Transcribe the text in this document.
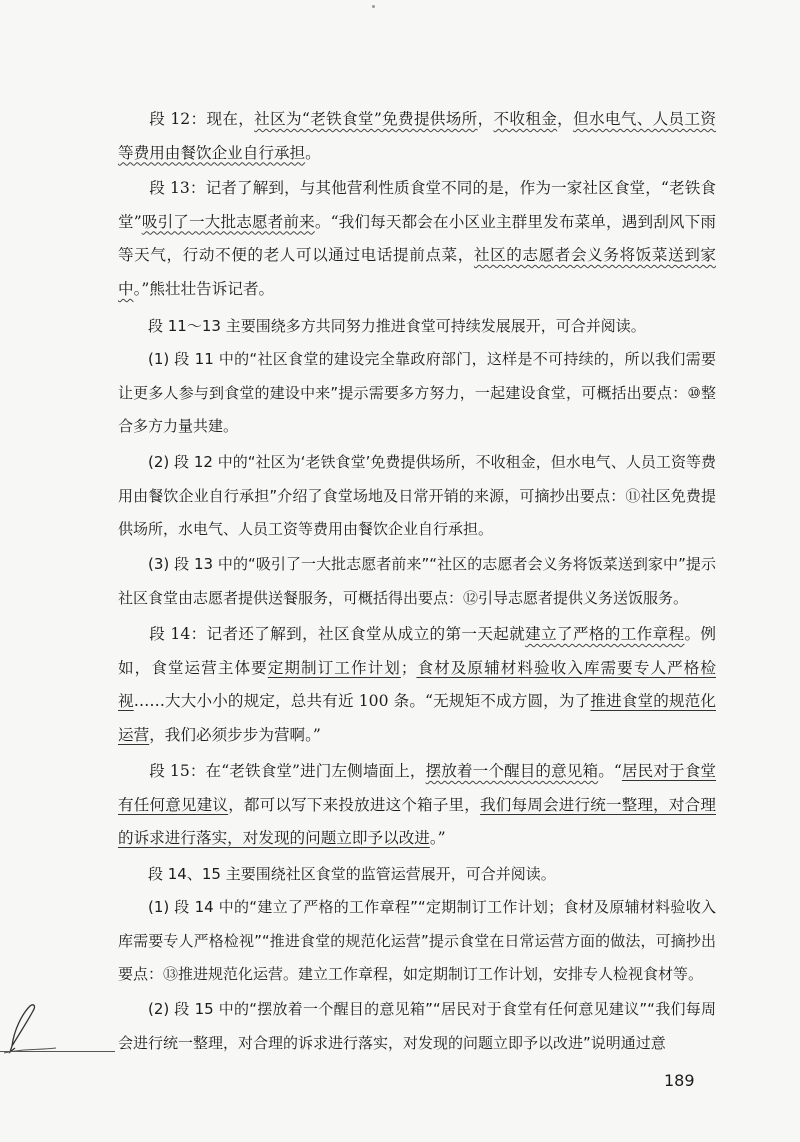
段 12：现在，社区为“老铁食堂”免费提供场所，不收租金，但水电气、人员工资等费用由餐饮企业自行承担。

段 13：记者了解到，与其他营利性质食堂不同的是，作为一家社区食堂，“老铁食堂”吸引了一大批志愿者前来。“我们每天都会在小区业主群里发布菜单，遇到刮风下雨等天气，行动不便的老人可以通过电话提前点菜，社区的志愿者会义务将饭菜送到家中。”熊壮壮告诉记者。

段 11～13 主要围绕多方共同努力推进食堂可持续发展展开，可合并阅读。

(1) 段 11 中的“社区食堂的建设完全靠政府部门，这样是不可持续的，所以我们需要让更多人参与到食堂的建设中来”提示需要多方努力，一起建设食堂，可概括出要点：⑩整合多方力量共建。

(2) 段 12 中的“社区为‘老铁食堂’免费提供场所，不收租金，但水电气、人员工资等费用由餐饮企业自行承担”介绍了食堂场地及日常开销的来源，可摘抄出要点：⑪社区免费提供场所，水电气、人员工资等费用由餐饮企业自行承担。

(3) 段 13 中的“吸引了一大批志愿者前来”“社区的志愿者会义务将饭菜送到家中”提示社区食堂由志愿者提供送餐服务，可概括得出要点：⑫引导志愿者提供义务送饭服务。

段 14：记者还了解到，社区食堂从成立的第一天起就建立了严格的工作章程。例如，食堂运营主体要定期制订工作计划；食材及原辅材料验收入库需要专人严格检视……大大小小的规定，总共有近 100 条。“无规矩不成方圆，为了推进食堂的规范化运营，我们必须步步为营啊。”

段 15：在“老铁食堂”进门左侧墙面上，摆放着一个醒目的意见箱。“居民对于食堂有任何意见建议，都可以写下来投放进这个箱子里，我们每周会进行统一整理，对合理的诉求进行落实，对发现的问题立即予以改进。”

段 14、15 主要围绕社区食堂的监管运营展开，可合并阅读。

(1) 段 14 中的“建立了严格的工作章程”“定期制订工作计划；食材及原辅材料验收入库需要专人严格检视”“推进食堂的规范化运营”提示食堂在日常运营方面的做法，可摘抄出要点：⑬推进规范化运营。建立工作章程，如定期制订工作计划，安排专人检视食材等。

(2) 段 15 中的“摆放着一个醒目的意见箱”“居民对于食堂有任何意见建议”“我们每周会进行统一整理，对合理的诉求进行落实，对发现的问题立即予以改进”说明通过意

189
